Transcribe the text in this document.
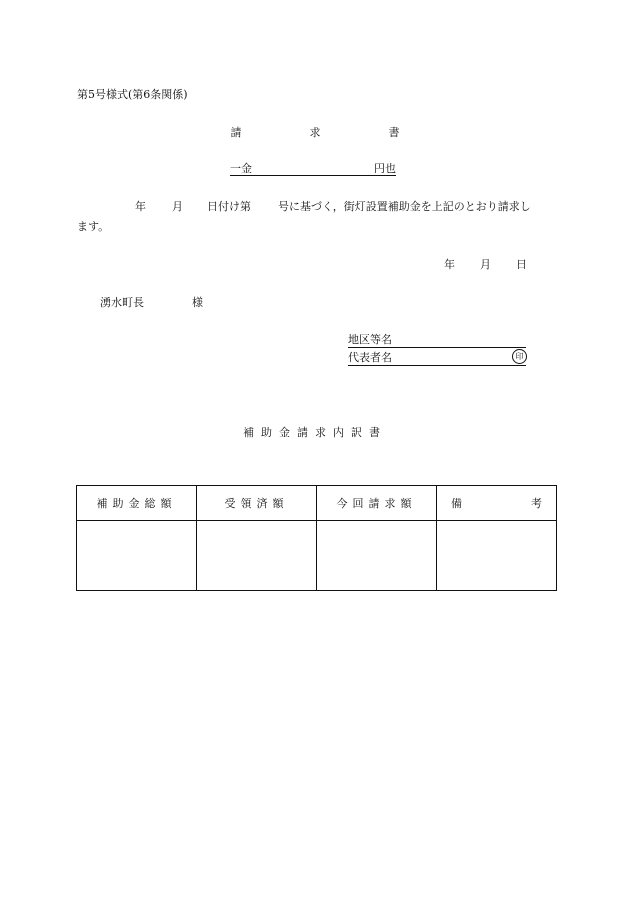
第5号様式(第6条関係)
請	求	書
一金	円也
年 月 日付け第 号に基づく，街灯設置補助金を上記のとおり請求し
ます。
年 月 日
湧水町長	様
地区等名
代表者名	印
補助金請求内訳書
補助金総額	受領済額	今回請求額	備 考
